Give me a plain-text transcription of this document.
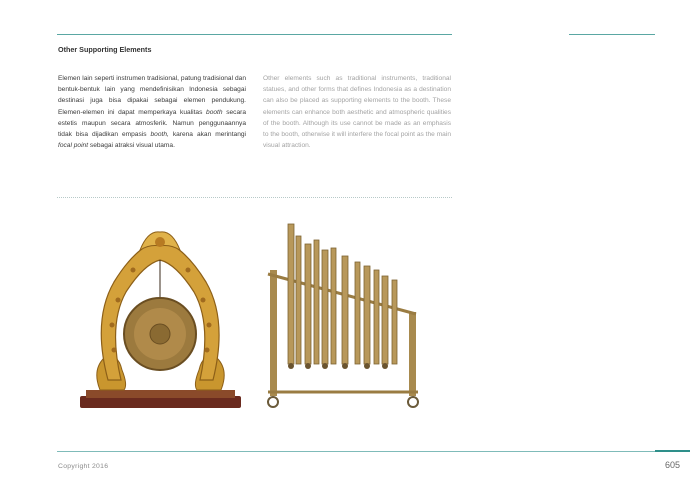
Other Supporting Elements
Elemen lain seperti instrumen tradisional, patung tradisional dan bentuk-bentuk lain yang mendefinisikan Indonesia sebagai destinasi juga bisa dipakai sebagai elemen pendukung. Elemen-elemen ini dapat memperkaya kualitas booth secara estetis maupun secara atmosferik. Namun penggunaannya tidak bisa dijadikan empasis booth, karena akan merintangi focal point sebagai atraksi visual utama.
Other elements such as traditional instruments, traditional statues, and other forms that defines Indonesia as a destination can also be placed as supporting elements to the booth. These elements can enhance both aesthetic and atmospheric qualities of the booth. Although its use cannot be made as an emphasis to the booth, otherwise it will interfere the focal point as the main visual attraction.
Copyright 2016	605
